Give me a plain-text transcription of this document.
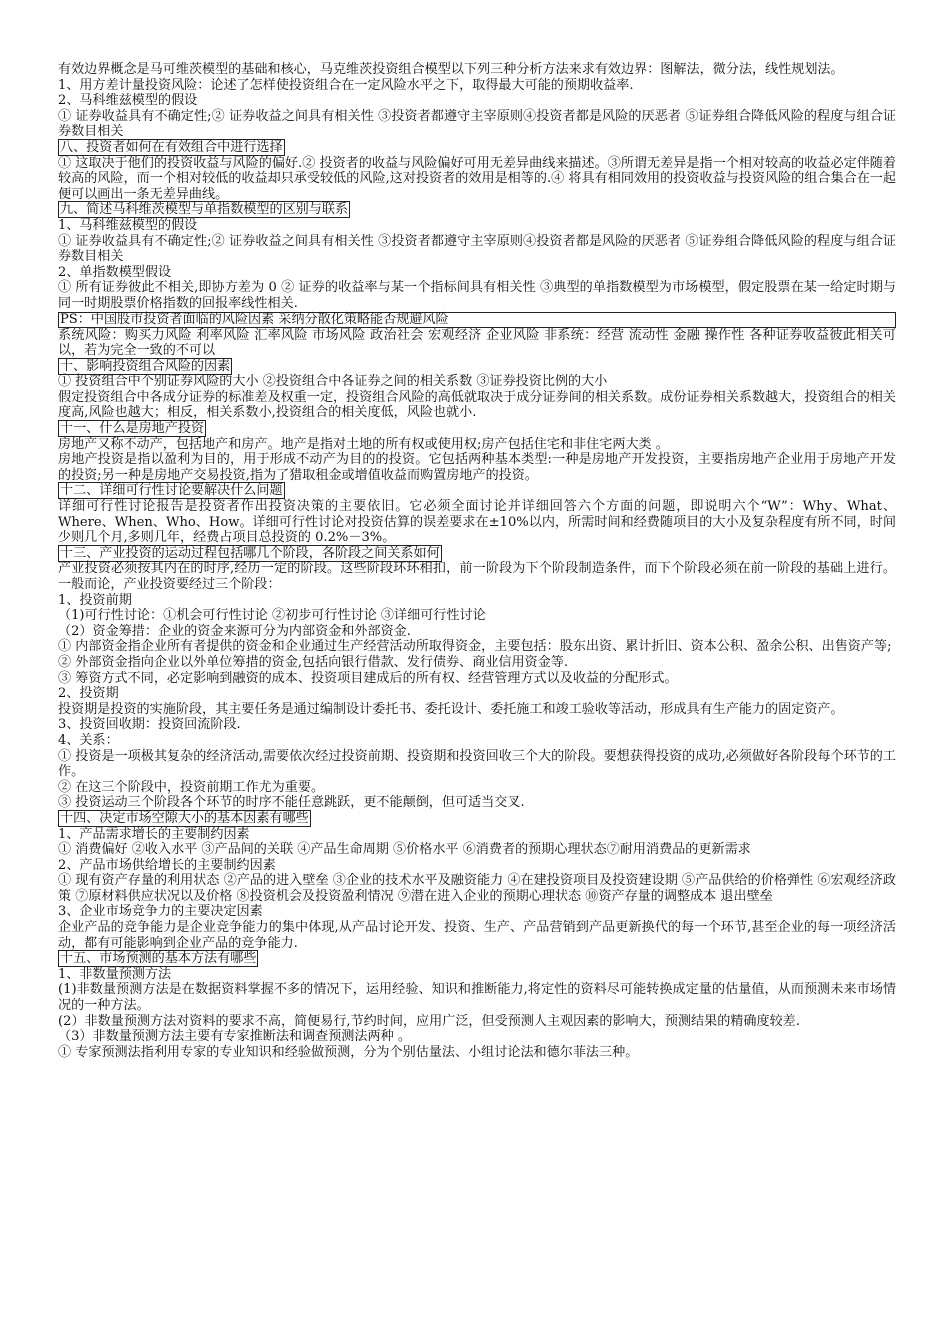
有效边界概念是马可维茨模型的基础和核心，马克维茨投资组合模型以下列三种分析方法来求有效边界：图解法，微分法，线性规划法。

1、用方差计量投资风险：论述了怎样使投资组合在一定风险水平之下，取得最大可能的预期收益率.

2、马科维兹模型的假设

① 证券收益具有不确定性;② 证券收益之间具有相关性 ③投资者都遵守主宰原则④投资者都是风险的厌恶者 ⑤证券组合降低风险的程度与组合证券数目相关

八、投资者如何在有效组合中进行选择

① 这取决于他们的投资收益与风险的偏好.② 投资者的收益与风险偏好可用无差异曲线来描述。③所谓无差异是指一个相对较高的收益必定伴随着较高的风险，而一个相对较低的收益却只承受较低的风险,这对投资者的效用是相等的.④ 将具有相同效用的投资收益与投资风险的组合集合在一起便可以画出一条无差异曲线。

九、简述马科维茨模型与单指数模型的区别与联系

1、马科维兹模型的假设

① 证券收益具有不确定性;② 证券收益之间具有相关性 ③投资者都遵守主宰原则④投资者都是风险的厌恶者 ⑤证券组合降低风险的程度与组合证券数目相关

2、单指数模型假设

① 所有证券彼此不相关,即协方差为 0 ② 证券的收益率与某一个指标间具有相关性 ③典型的单指数模型为市场模型，假定股票在某一给定时期与同一时期股票价格指数的回报率线性相关.

PS：中国股市投资者面临的风险因素 采纳分散化策略能否规避风险

系统风险：购买力风险 利率风险 汇率风险 市场风险 政治社会 宏观经济 企业风险 非系统：经营 流动性 金融 操作性 各种证券收益彼此相关可以，若为完全一致的不可以

十、影响投资组合风险的因素

① 投资组合中个别证券风险的大小 ②投资组合中各证券之间的相关系数 ③证券投资比例的大小

假定投资组合中各成分证券的标准差及权重一定，投资组合风险的高低就取决于成分证券间的相关系数。成份证券相关系数越大，投资组合的相关度高,风险也越大；相反，相关系数小,投资组合的相关度低，风险也就小.

十一、什么是房地产投资

房地产又称不动产，包括地产和房产。地产是指对土地的所有权或使用权;房产包括住宅和非住宅两大类 。

房地产投资是指以盈利为目的，用于形成不动产为目的的投资。它包括两种基本类型:一种是房地产开发投资，主要指房地产企业用于房地产开发的投资;另一种是房地产交易投资,指为了猎取租金或增值收益而购置房地产的投资。

十二、详细可行性讨论要解决什么问题

详细可行性讨论报告是投资者作出投资决策的主要依旧。它必须全面讨论并详细回答六个方面的问题，即说明六个“W”：Why、What、Where、When、Who、How。详细可行性讨论对投资估算的误差要求在±10%以内，所需时间和经费随项目的大小及复杂程度有所不同，时间少则几个月,多则几年，经费占项目总投资的 0.2%－3%。

十三、产业投资的运动过程包括哪几个阶段，各阶段之间关系如何

产业投资必须按其内在的时序,经历一定的阶段。这些阶段环环相扣，前一阶段为下个阶段制造条件，而下个阶段必须在前一阶段的基础上进行。一般而论，产业投资要经过三个阶段：

1、投资前期

（1)可行性讨论：①机会可行性讨论 ②初步可行性讨论 ③详细可行性讨论

（2）资金筹措：企业的资金来源可分为内部资金和外部资金.

① 内部资金指企业所有者提供的资金和企业通过生产经营活动所取得资金，主要包括：股东出资、累计折旧、资本公积、盈余公积、出售资产等;

② 外部资金指向企业以外单位筹措的资金,包括向银行借款、发行债券、商业信用资金等.

③ 筹资方式不同，必定影响到融资的成本、投资项目建成后的所有权、经营管理方式以及收益的分配形式。

2、投资期

投资期是投资的实施阶段，其主要任务是通过编制设计委托书、委托设计、委托施工和竣工验收等活动，形成具有生产能力的固定资产。

3、投资回收期：投资回流阶段.

4、关系：

① 投资是一项极其复杂的经济活动,需要依次经过投资前期、投资期和投资回收三个大的阶段。要想获得投资的成功,必须做好各阶段每个环节的工作。

② 在这三个阶段中，投资前期工作尤为重要。

③ 投资运动三个阶段各个环节的时序不能任意跳跃，更不能颠倒，但可适当交叉.

十四、决定市场空隙大小的基本因素有哪些

1、产品需求增长的主要制约因素

① 消费偏好 ②收入水平 ③产品间的关联 ④产品生命周期 ⑤价格水平 ⑥消费者的预期心理状态⑦耐用消费品的更新需求

2、产品市场供给增长的主要制约因素

① 现有资产存量的利用状态 ②产品的进入壁垒 ③企业的技术水平及融资能力 ④在建投资项目及投资建设期 ⑤产品供给的价格弹性 ⑥宏观经济政策 ⑦原材料供应状况以及价格 ⑧投资机会及投资盈利情况 ⑨潜在进入企业的预期心理状态 ⑩资产存量的调整成本 退出壁垒

3、企业市场竞争力的主要决定因素

企业产品的竞争能力是企业竞争能力的集中体现,从产品讨论开发、投资、生产、产品营销到产品更新换代的每一个环节,甚至企业的每一项经济活动，都有可能影响到企业产品的竞争能力.

十五、市场预测的基本方法有哪些

1、非数量预测方法

(1)非数量预测方法是在数据资料掌握不多的情况下，运用经验、知识和推断能力,将定性的资料尽可能转换成定量的估量值，从而预测未来市场情况的一种方法。

(2）非数量预测方法对资料的要求不高，简便易行,节约时间，应用广泛，但受预测人主观因素的影响大，预测结果的精确度较差.

（3）非数量预测方法主要有专家推断法和调查预测法两种 。

① 专家预测法指利用专家的专业知识和经验做预测，分为个别估量法、小组讨论法和德尔菲法三种。
